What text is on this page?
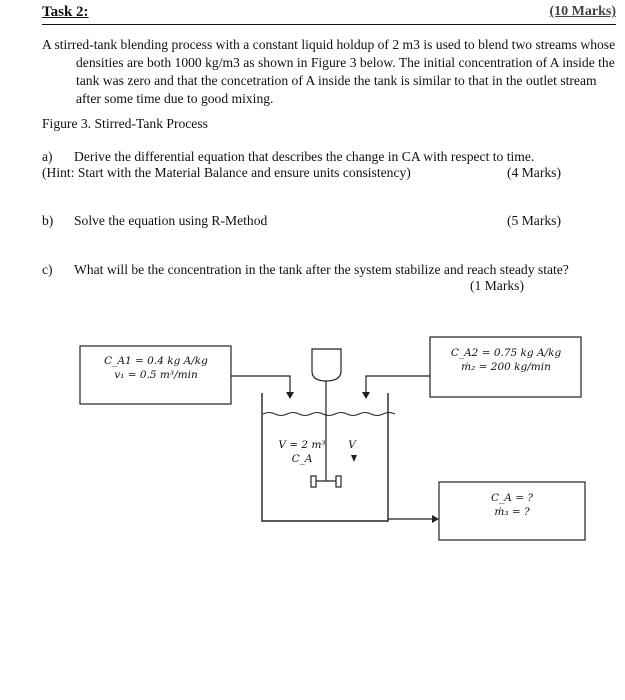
Task 2:	(10 Marks)

A stirred-tank blending process with a constant liquid holdup of 2 m3 is used to blend two streams whose densities are both 1000 kg/m3 as shown in Figure 3 below. The initial concentration of A inside the tank was zero and that the concetration of A inside the tank is similar to that in the outlet stream after some time due to good mixing.

Figure 3. Stirred-Tank Process
a) Derive the differential equation that describes the change in CA with respect to time.
(Hint: Start with the Material Balance and ensure units consistency)	(4 Marks)
b) Solve the equation using R-Method	(5 Marks)
c) What will be the concentration in the tank after the system stabilize and reach steady state?
(1 Marks)
C_A1 = 0.4 kg A/kg
v₁ = 0.5 m³/min
C_A2 = 0.75 kg A/kg
ṁ₂ = 200 kg/min
V = 2 m³
C_A
V
C_A = ?
ṁ₃ = ?
